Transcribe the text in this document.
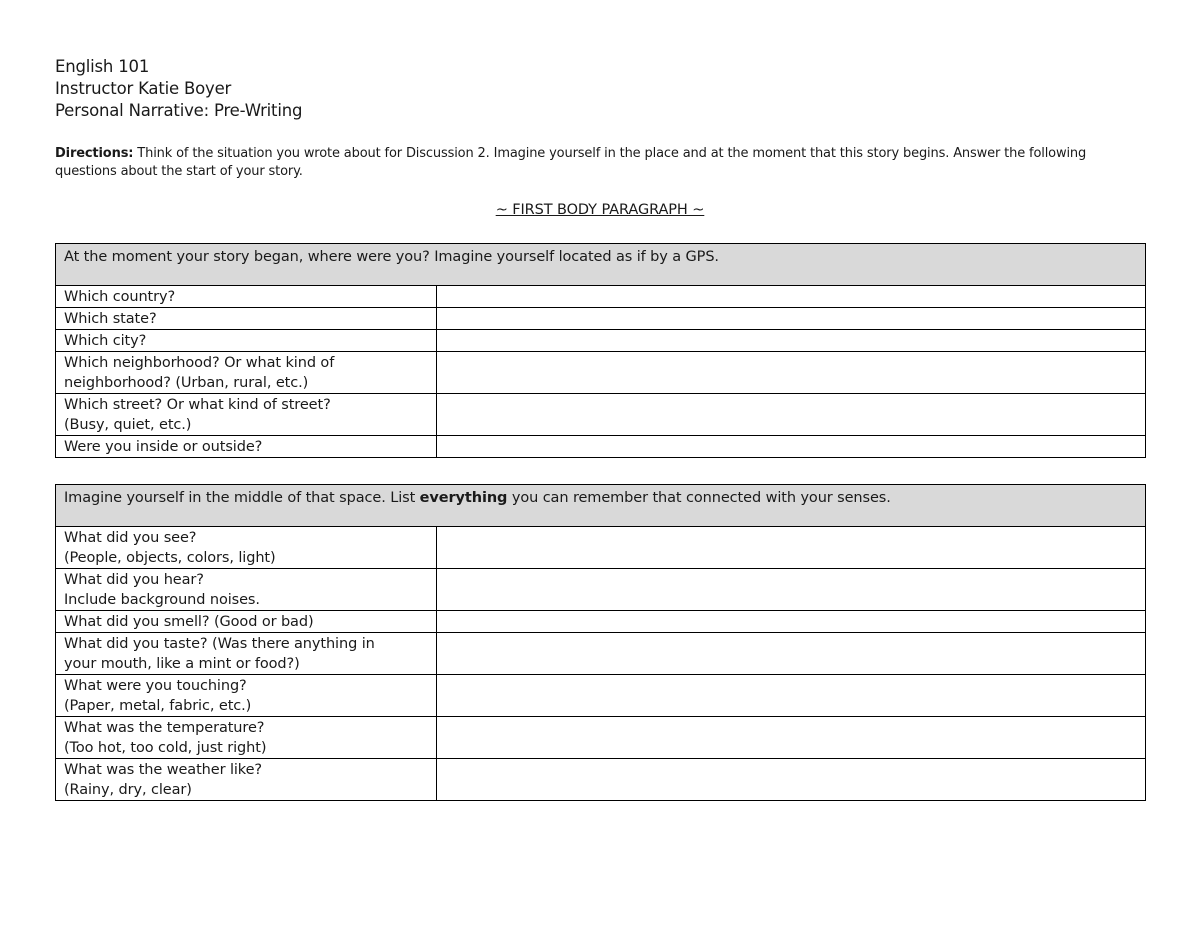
English 101
Instructor Katie Boyer
Personal Narrative: Pre-Writing
Directions: Think of the situation you wrote about for Discussion 2. Imagine yourself in the place and at the moment that this story begins. Answer the following questions about the start of your story.
~ FIRST BODY PARAGRAPH ~
At the moment your story began, where were you? Imagine yourself located as if by a GPS.	
Which country?	
Which state?	
Which city?	

Which neighborhood? Or what kind of
neighborhood? (Urban, rural, etc.)	

Which street? Or what kind of street?
(Busy, quiet, etc.)	

Were you inside or outside?	
Imagine yourself in the middle of that space. List everything you can remember that connected with your senses.	

What did you see?
(People, objects, colors, light)	

What did you hear?
Include background noises.	

What did you smell? (Good or bad)	

What did you taste? (Was there anything in
your mouth, like a mint or food?)	

What were you touching?
(Paper, metal, fabric, etc.)	

What was the temperature?
(Too hot, too cold, just right)	

What was the weather like?
(Rainy, dry, clear)	
